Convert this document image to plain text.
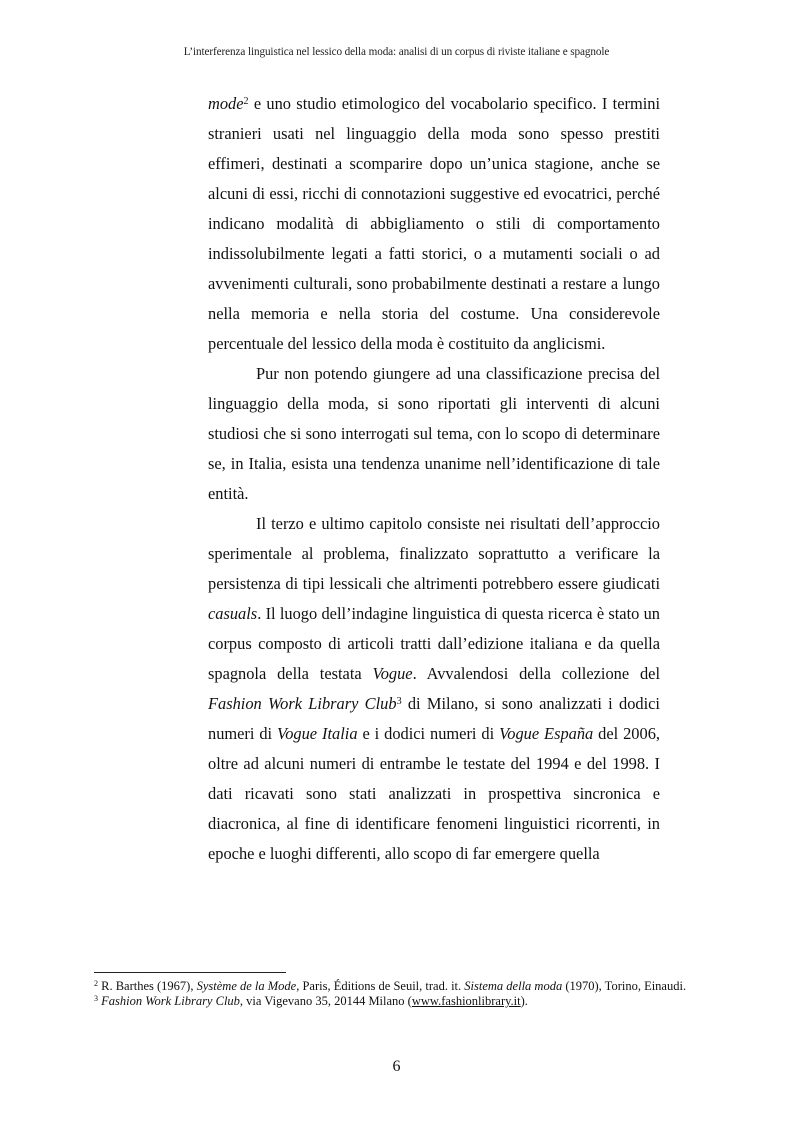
L’interferenza linguistica nel lessico della moda: analisi di un corpus di riviste italiane e spagnole

mode$^2$ e uno studio etimologico del vocabolario specifico. I termini stranieri usati nel linguaggio della moda sono spesso prestiti effimeri, destinati a scomparire dopo un’unica stagione, anche se alcuni di essi, ricchi di connotazioni suggestive ed evocatrici, perché indicano modalità di abbigliamento o stili di comportamento indissolubilmente legati a fatti storici, o a mutamenti sociali o ad avvenimenti culturali, sono probabilmente destinati a restare a lungo nella memoria e nella storia del costume. Una considerevole percentuale del lessico della moda è costituito da anglicismi.

Pur non potendo giungere ad una classificazione precisa del linguaggio della moda, si sono riportati gli interventi di alcuni studiosi che si sono interrogati sul tema, con lo scopo di determinare se, in Italia, esista una tendenza unanime nell’identificazione di tale entità.

Il terzo e ultimo capitolo consiste nei risultati dell’approccio sperimentale al problema, finalizzato soprattutto a verificare la persistenza di tipi lessicali che altrimenti potrebbero essere giudicati casuals. Il luogo dell’indagine linguistica di questa ricerca è stato un corpus composto di articoli tratti dall’edizione italiana e da quella spagnola della testata Vogue. Avvalendosi della collezione del Fashion Work Library Club$^3$ di Milano, si sono analizzati i dodici numeri di Vogue Italia e i dodici numeri di Vogue España del 2006, oltre ad alcuni numeri di entrambe le testate del 1994 e del 1998. I dati ricavati sono stati analizzati in prospettiva sincronica e diacronica, al fine di identificare fenomeni linguistici ricorrenti, in epoche e luoghi differenti, allo scopo di far emergere quella

$^2$ R. Barthes (1967), Système de la Mode, Paris, Éditions de Seuil, trad. it. Sistema della moda (1970), Torino, Einaudi.

$^3$ Fashion Work Library Club, via Vigevano 35, 20144 Milano (www.fashionlibrary.it).

6
